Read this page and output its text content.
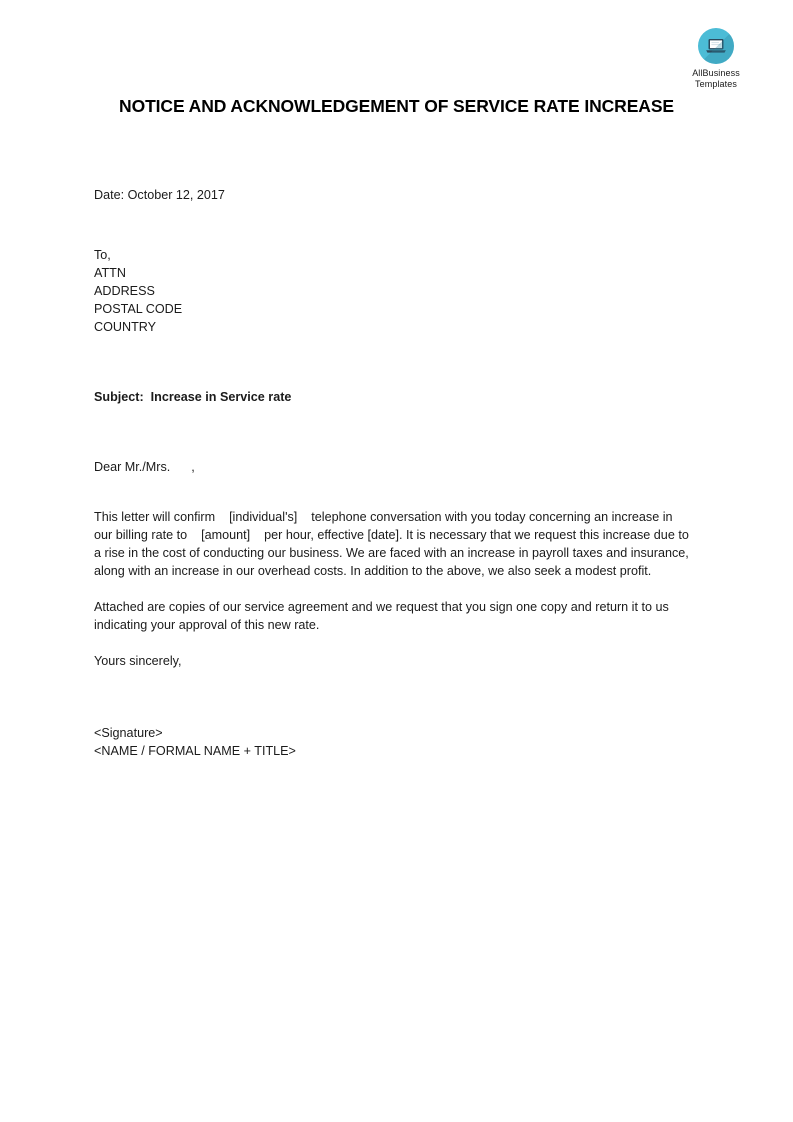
AllBusiness
Templates
NOTICE AND ACKNOWLEDGEMENT OF SERVICE RATE INCREASE
Date: October 12, 2017
To,
ATTN
ADDRESS
POSTAL CODE
COUNTRY
Subject:  Increase in Service rate
Dear Mr./Mrs.      ,

This letter will confirm [individual's] telephone conversation with you today concerning an increase in our billing rate to [amount] per hour, effective [date]. It is necessary that we request this increase due to a rise in the cost of conducting our business. We are faced with an increase in payroll taxes and insurance, along with an increase in our overhead costs. In addition to the above, we also seek a modest profit.

Attached are copies of our service agreement and we request that you sign one copy and return it to us indicating your approval of this new rate.

Yours sincerely,
<Signature>
<NAME / FORMAL NAME + TITLE>
